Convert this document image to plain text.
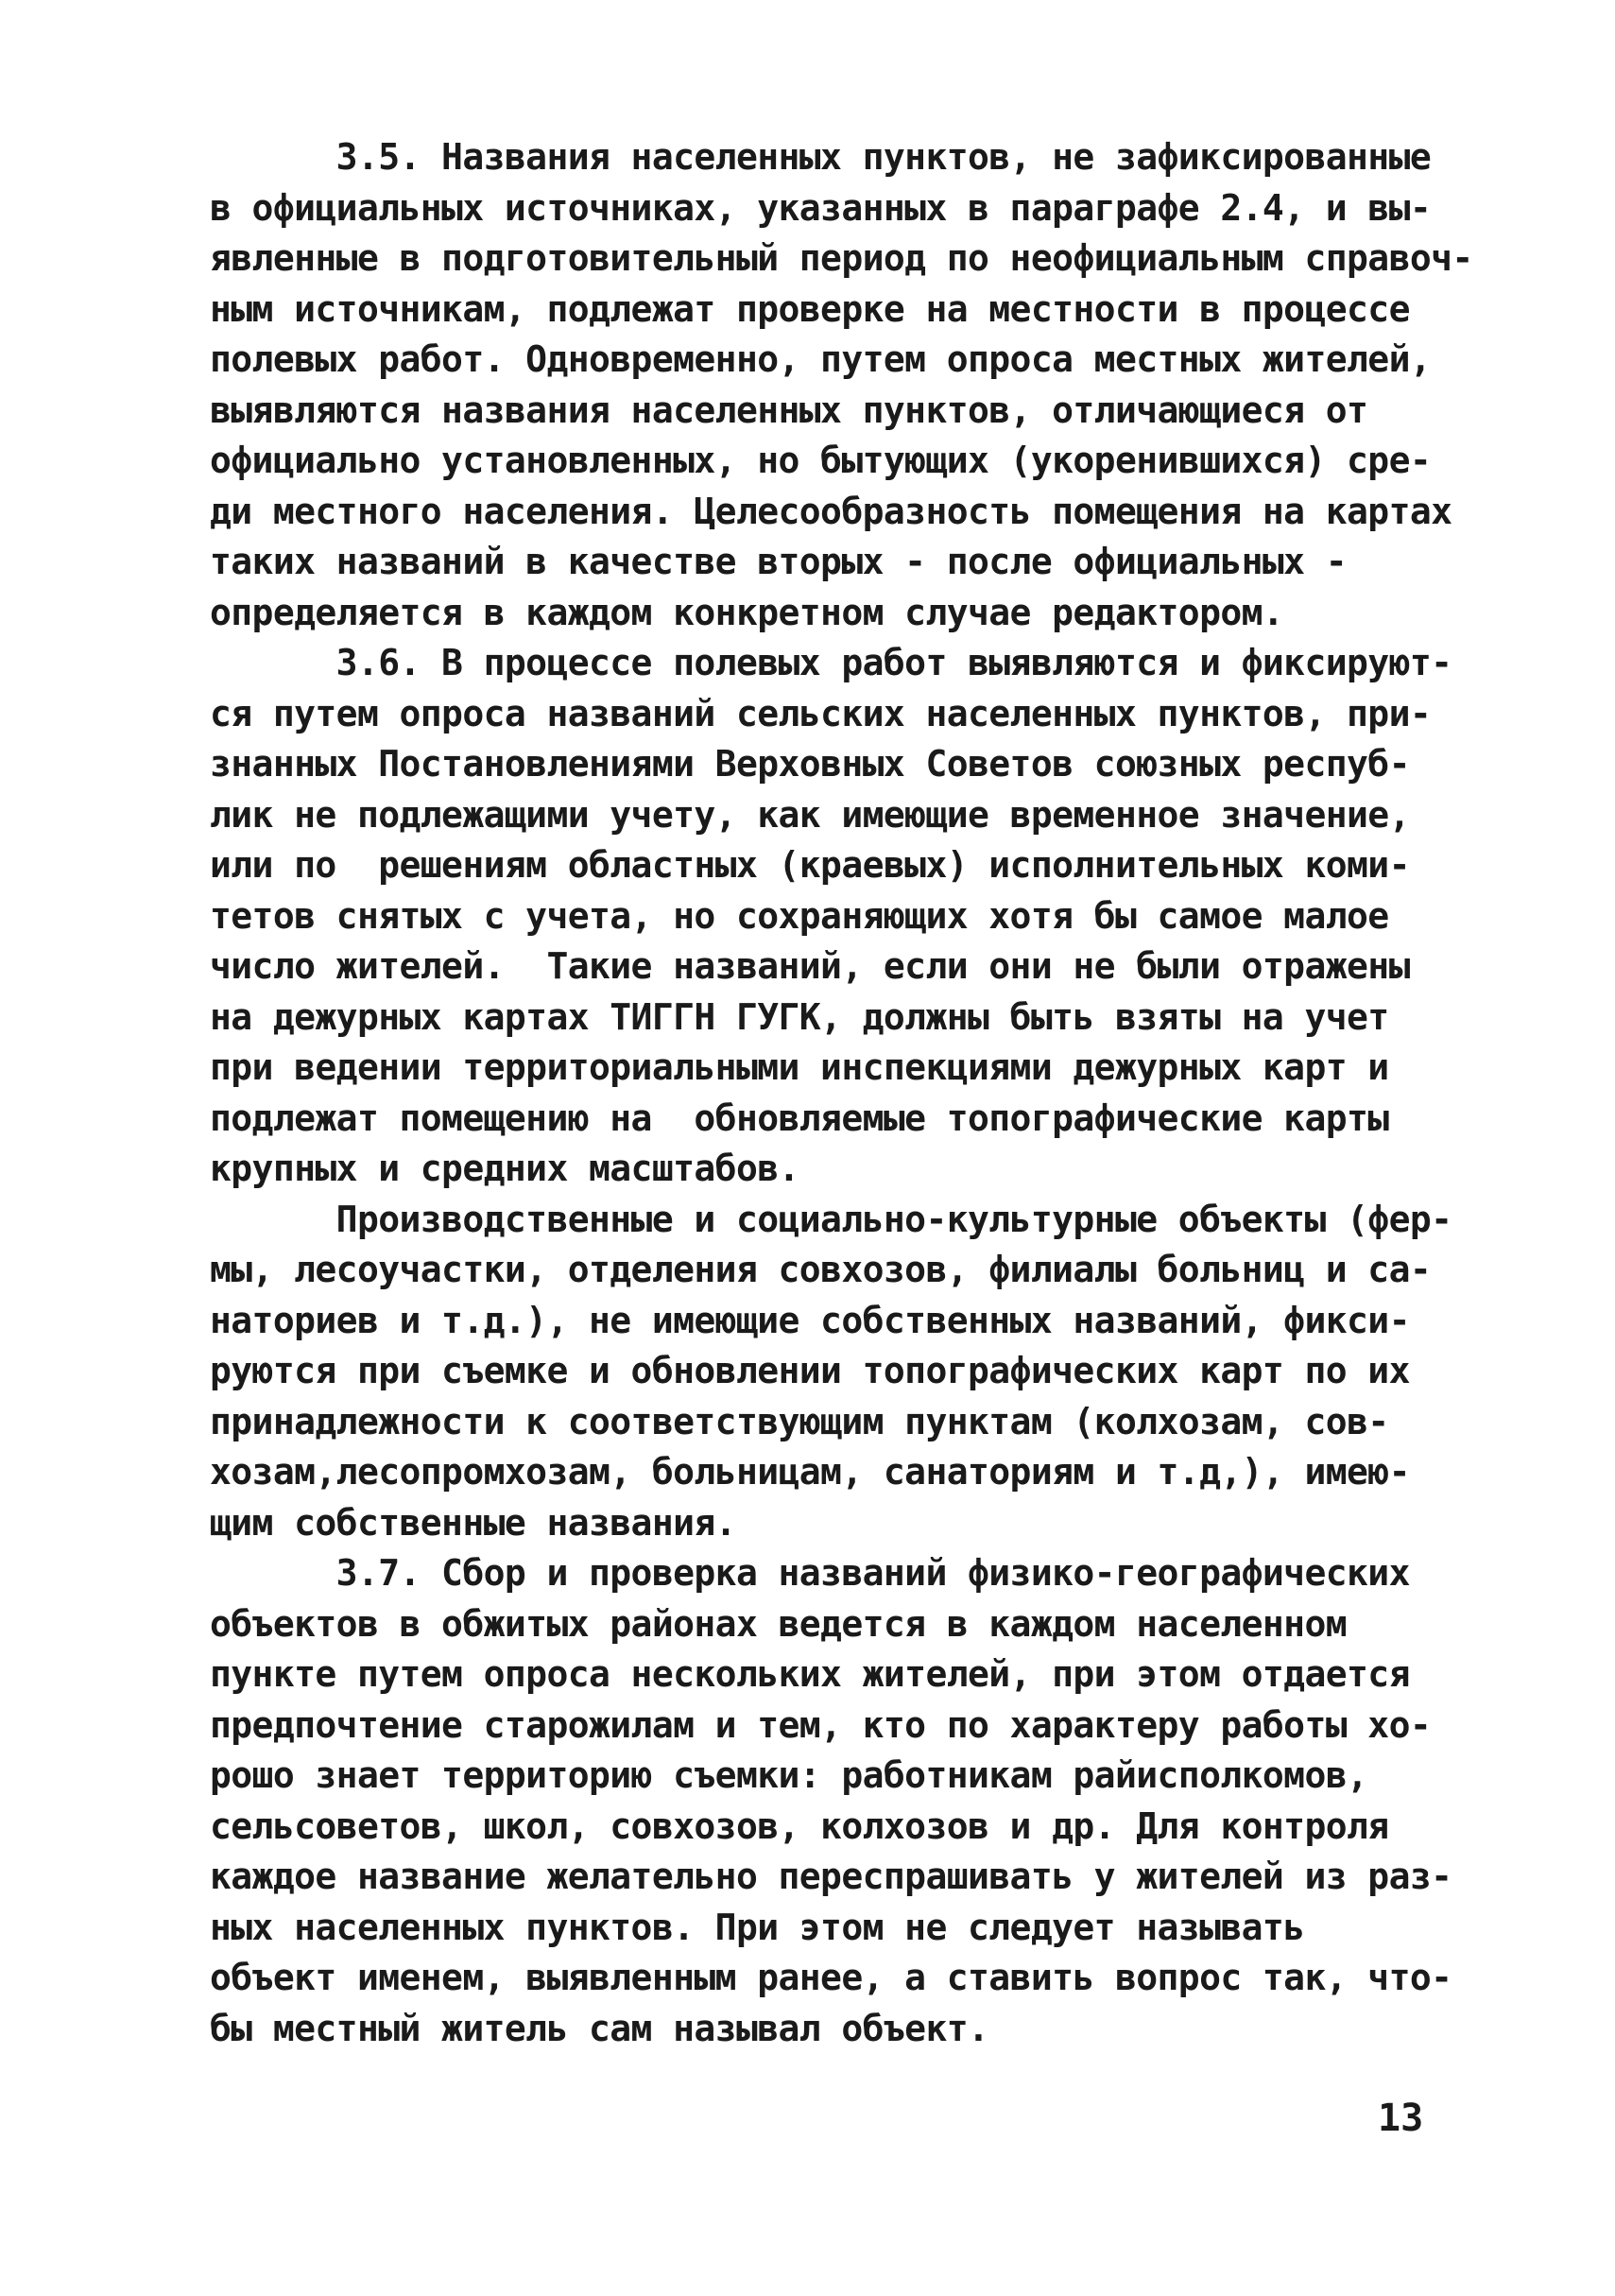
3.5. Названия населенных пунктов, не зафиксированные
в официальных источниках, указанных в параграфе 2.4, и вы-
явленные в подготовительный период по неофициальным справоч-
ным источникам, подлежат проверке на местности в процессе
полевых работ. Одновременно, путем опроса местных жителей,
выявляются названия населенных пунктов, отличающиеся от
официально установленных, но бытующих (укоренившихся) сре-
ди местного населения. Целесообразность помещения на картах
таких названий в качестве вторых - после официальных -
определяется в каждом конкретном случае редактором.
3.6. В процессе полевых работ выявляются и фиксируют-
ся путем опроса названий сельских населенных пунктов, при-
знанных Постановлениями Верховных Советов союзных респуб-
лик не подлежащими учету, как имеющие временное значение,
или по  решениям областных (краевых) исполнительных коми-
тетов снятых с учета, но сохраняющих хотя бы самое малое
число жителей.  Такие названий, если они не были отражены
на дежурных картах ТИГГН ГУГК, должны быть взяты на учет
при ведении территориальными инспекциями дежурных карт и
подлежат помещению на  обновляемые топографические карты
крупных и средних масштабов.
Производственные и социально-культурные объекты (фер-
мы, лесоучастки, отделения совхозов, филиалы больниц и са-
наториев и т.д.), не имеющие собственных названий, фикси-
руются при съемке и обновлении топографических карт по их
принадлежности к соответствующим пунктам (колхозам, сов-
хозам,лесопромхозам, больницам, санаториям и т.д,), имею-
щим собственные названия.
3.7. Сбор и проверка названий физико-географических
объектов в обжитых районах ведется в каждом населенном
пункте путем опроса нескольких жителей, при этом отдается
предпочтение старожилам и тем, кто по характеру работы хо-
рошо знает территорию съемки: работникам райисполкомов,
сельсоветов, школ, совхозов, колхозов и др. Для контроля
каждое название желательно переспрашивать у жителей из раз-
ных населенных пунктов. При этом не следует называть
объект именем, выявленным ранее, а ставить вопрос так, что-
бы местный житель сам называл объект.
13
